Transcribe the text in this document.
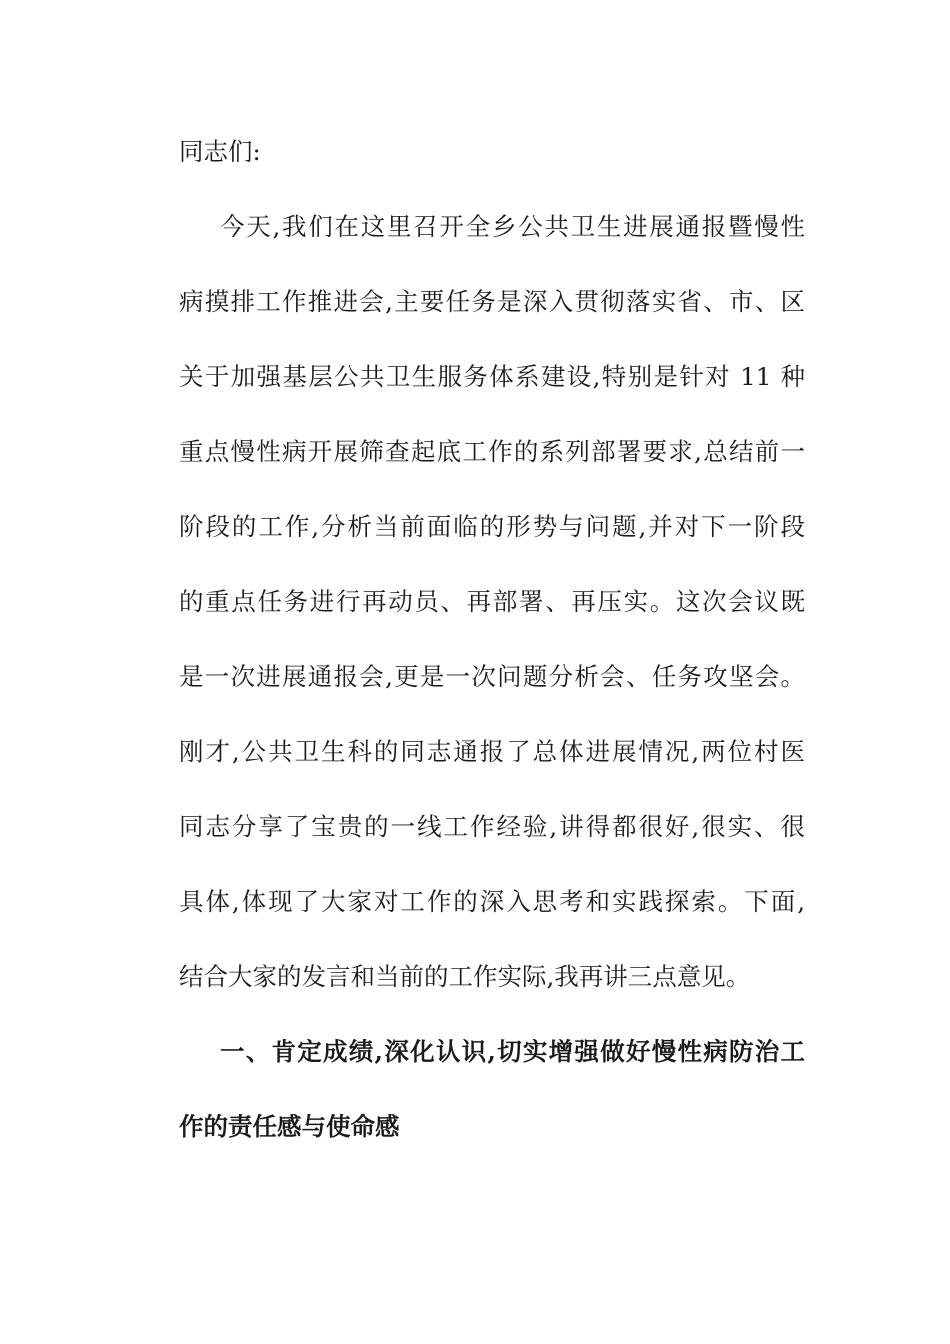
同志们:
今天,我们在这里召开全乡公共卫生进展通报暨慢性
病摸排工作推进会,主要任务是深入贯彻落实省、市、区
关于加强基层公共卫生服务体系建设,特别是针对 11 种
重点慢性病开展筛查起底工作的系列部署要求,总结前一
阶段的工作,分析当前面临的形势与问题,并对下一阶段
的重点任务进行再动员、再部署、再压实。这次会议既
是一次进展通报会,更是一次问题分析会、任务攻坚会。
刚才,公共卫生科的同志通报了总体进展情况,两位村医
同志分享了宝贵的一线工作经验,讲得都很好,很实、很
具体,体现了大家对工作的深入思考和实践探索。下面,
结合大家的发言和当前的工作实际,我再讲三点意见。
一、肯定成绩,深化认识,切实增强做好慢性病防治工
作的责任感与使命感
